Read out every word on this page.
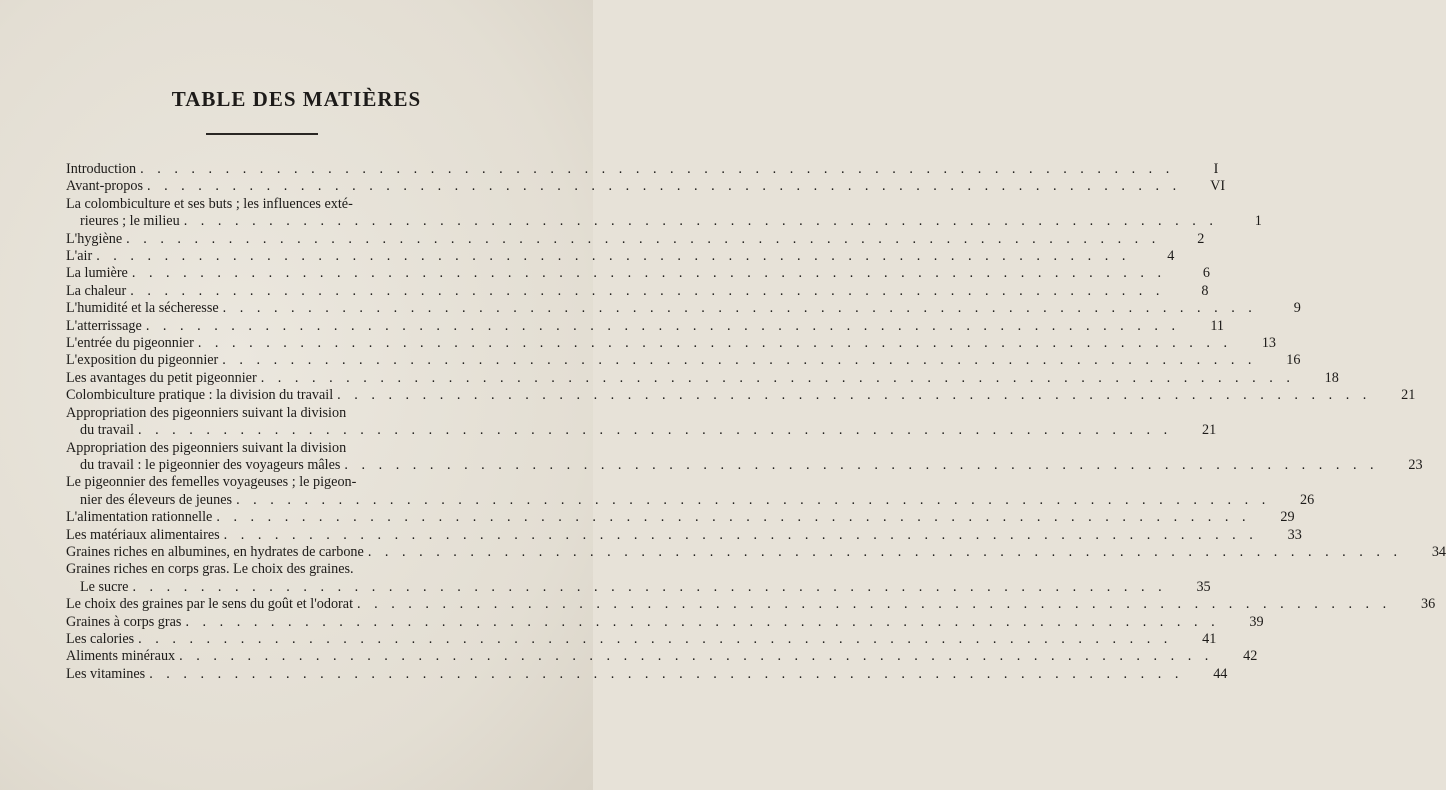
TABLE DES MATIÈRES
Introduction . . .	I
Avant-propos . . .	VI
La colombiculture et ses buts ; les influences exté-
rieures ; le milieu . . .	1
L'hygiène . . .	2
L'air . . .	4
La lumière . . .	6
La chaleur . . .	8
L'humidité et la sécheresse . . .	9
L'atterrissage . . .	11
L'entrée du pigeonnier . . .	13
L'exposition du pigeonnier . . .	16
Les avantages du petit pigeonnier . . .	18
Colombiculture pratique : la division du travail . . .	21
Appropriation des pigeonniers suivant la division
du travail . . .	21
Appropriation des pigeonniers suivant la division
du travail : le pigeonnier des voyageurs mâles . . .	23
Le pigeonnier des femelles voyageuses ; le pigeon-
nier des éleveurs de jeunes . . .	26
L'alimentation rationnelle . . .	29
Les matériaux alimentaires . . .	33
Graines riches en albumines, en hydrates de carbone . . .	34
Graines riches en corps gras. Le choix des graines.
Le sucre . . .	35
Le choix des graines par le sens du goût et l'odorat . . .	36
Graines à corps gras . . .	39
Les calories . . .	41
Aliments minéraux . . .	42
Les vitamines . . .	44
